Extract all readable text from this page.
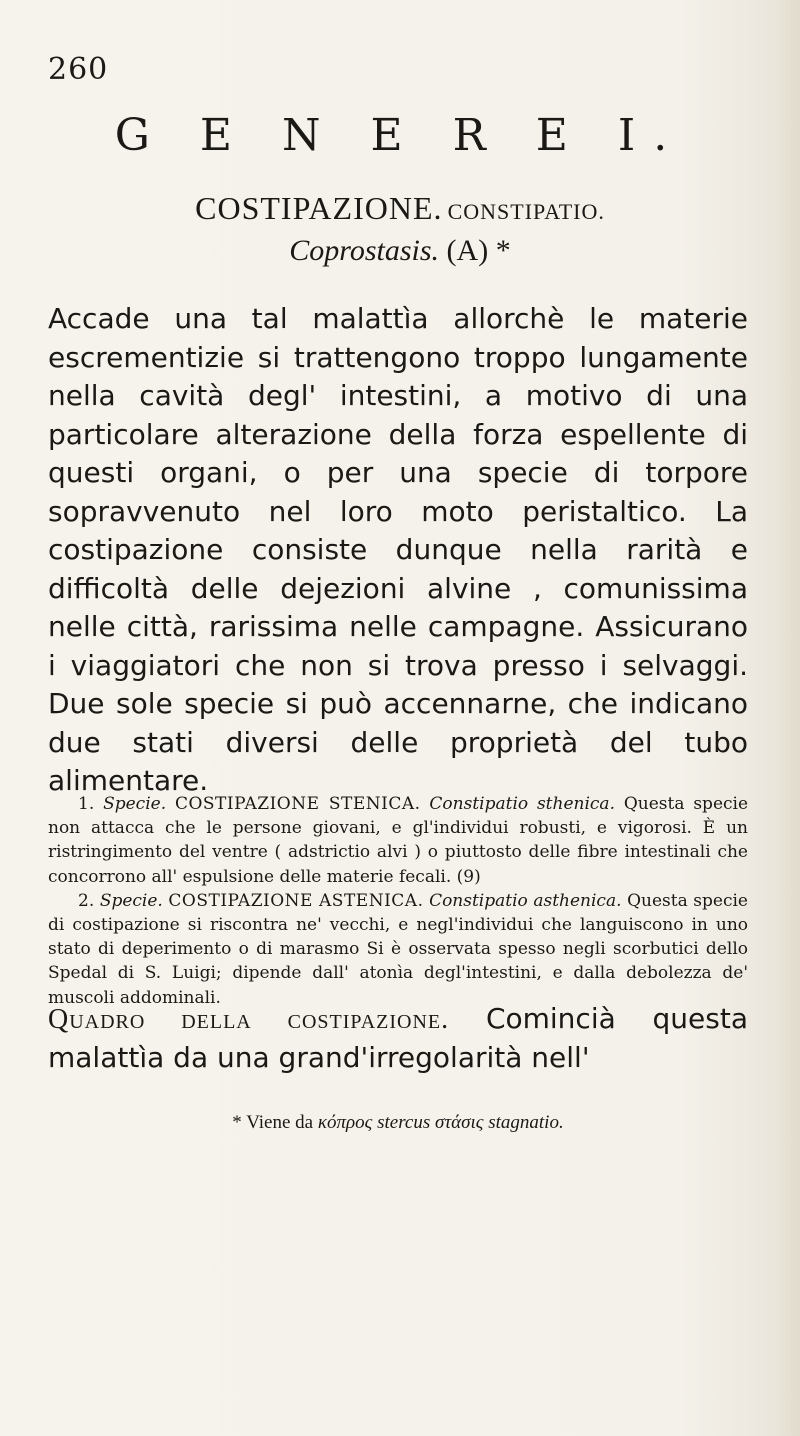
260
G E N E R E I.
COSTIPAZIONE. CONSTIPATIO.
Coprostasis. (A) *
Accade una tal malattìa allorchè le materie escrementizie si trattengono troppo lungamente nella cavità degl' intestini, a motivo di una particolare alterazione della forza espellente di questi organi, o per una specie di torpore sopravvenuto nel loro moto peristaltico. La costipazione consiste dunque nella rarità e difficoltà delle dejezioni alvine , comunissima nelle città, rarissima nelle campagne. Assicurano i viaggiatori che non si trova presso i selvaggi. Due sole specie si può accennarne, che indicano due stati diversi delle proprietà del tubo alimentare.

1. Specie. COSTIPAZIONE STENICA. Constipatio sthenica. Questa specie non attacca che le persone giovani, e gl'individui robusti, e vigorosi. È un ristringimento del ventre ( adstrictio alvi ) o piuttosto delle fibre intestinali che concorrono all' espulsione delle materie fecali. (9)

2. Specie. COSTIPAZIONE ASTENICA. Constipatio asthenica. Questa specie di costipazione si riscontra ne' vecchi, e negl'individui che languiscono in uno stato di deperimento o di marasmo Si è osservata spesso negli scorbutici dello Spedal di S. Luigi; dipende dall' atonìa degl'intestini, e dalla debolezza de' muscoli addominali.

Quadro della costipazione. Comincià questa malattìa da una grand'irregolarità nell'
* Viene da κόπρος stercus στάσις stagnatio.
